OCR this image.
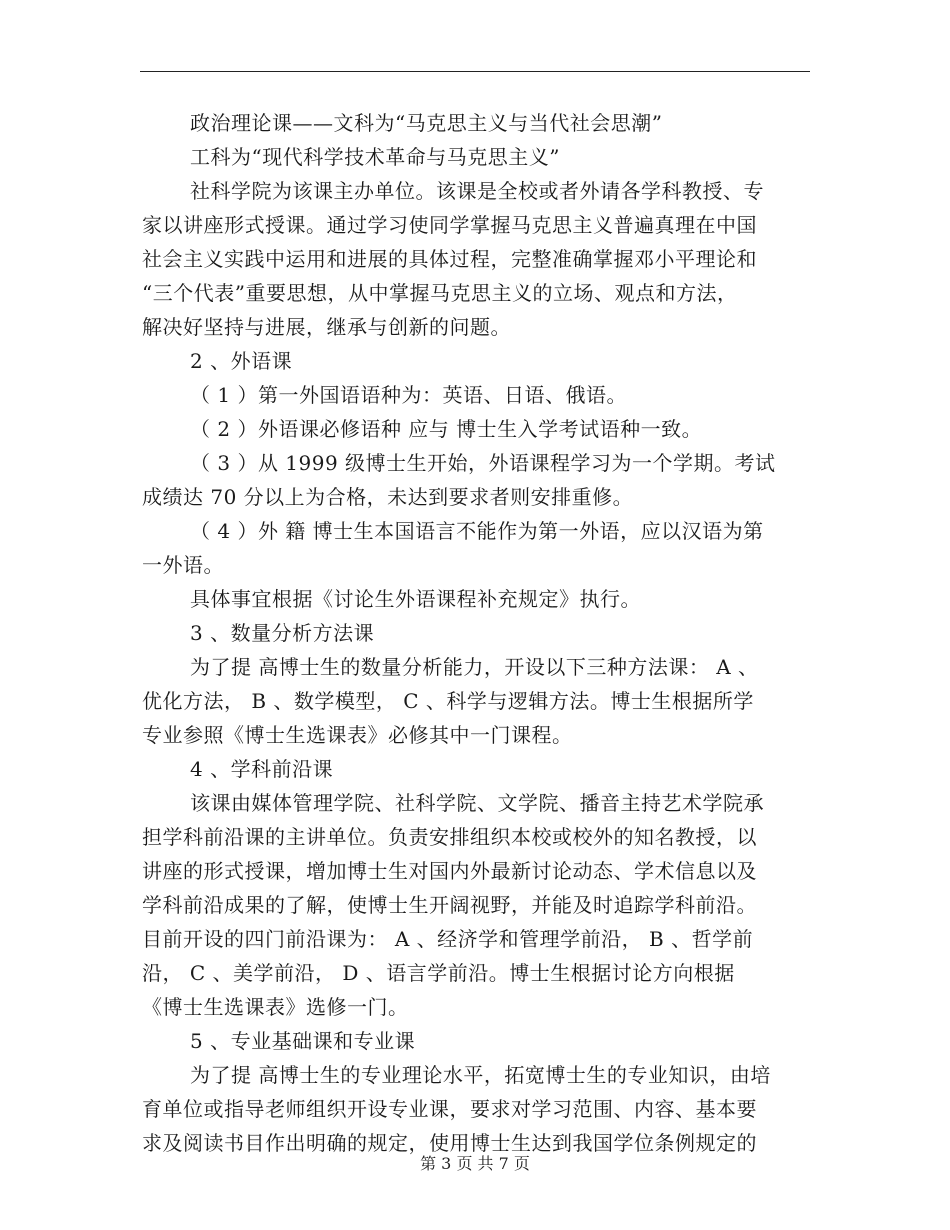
政治理论课——文科为“马克思主义与当代社会思潮”
工科为“现代科学技术革命与马克思主义”
社科学院为该课主办单位。该课是全校或者外请各学科教授、专
家以讲座形式授课。通过学习使同学掌握马克思主义普遍真理在中国
社会主义实践中运用和进展的具体过程，完整准确掌握邓小平理论和
“三个代表”重要思想，从中掌握马克思主义的立场、观点和方法，
解决好坚持与进展，继承与创新的问题。
2 、外语课
（ 1 ）第一外国语语种为：英语、日语、俄语。
（ 2 ）外语课必修语种 应与 博士生入学考试语种一致。
（ 3 ）从 1999 级博士生开始，外语课程学习为一个学期。考试
成绩达 70 分以上为合格，未达到要求者则安排重修。
（ 4 ）外 籍 博士生本国语言不能作为第一外语，应以汉语为第
一外语。
具体事宜根据《讨论生外语课程补充规定》执行。
3 、数量分析方法课
为了提 高博士生的数量分析能力，开设以下三种方法课： A 、
优化方法， B 、数学模型， C 、科学与逻辑方法。博士生根据所学
专业参照《博士生选课表》必修其中一门课程。
4 、学科前沿课
该课由媒体管理学院、社科学院、文学院、播音主持艺术学院承
担学科前沿课的主讲单位。负责安排组织本校或校外的知名教授，以
讲座的形式授课，增加博士生对国内外最新讨论动态、学术信息以及
学科前沿成果的了解，使博士生开阔视野，并能及时追踪学科前沿。
目前开设的四门前沿课为： A 、经济学和管理学前沿， B 、哲学前
沿， C 、美学前沿， D 、语言学前沿。博士生根据讨论方向根据
《博士生选课表》选修一门。
5 、专业基础课和专业课
为了提 高博士生的专业理论水平，拓宽博士生的专业知识，由培
育单位或指导老师组织开设专业课，要求对学习范围、内容、基本要
求及阅读书目作出明确的规定，使用博士生达到我国学位条例规定的
第 3 页 共 7 页
